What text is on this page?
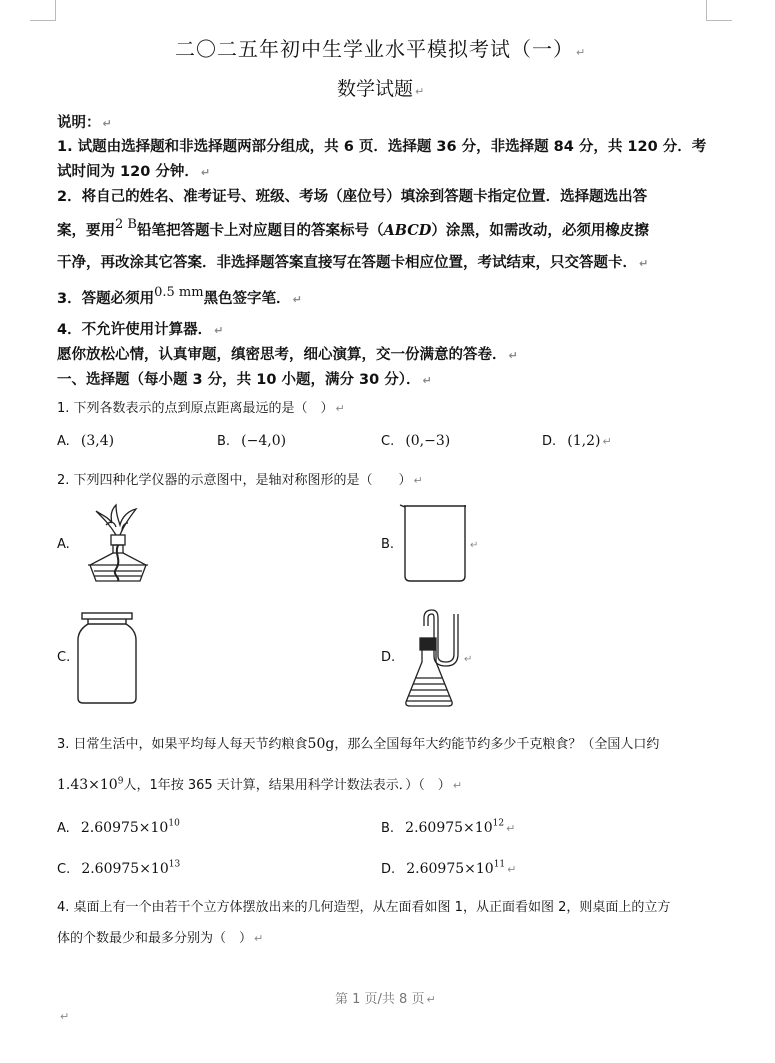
二〇二五年初中生学业水平模拟考试（一） ↵
数学试题 ↵
说明： ↵
1. 试题由选择题和非选择题两部分组成，共 6 页．选择题 36 分，非选择题 84 分，共 120 分．考
试时间为 120 分钟． ↵
2．将自己的姓名、准考证号、班级、考场（座位号）填涂到答题卡指定位置．选择题选出答
案，要用2 B铅笔把答题卡上对应题目的答案标号（ABCD）涂黑，如需改动，必须用橡皮擦
干净，再改涂其它答案．非选择题答案直接写在答题卡相应位置，考试结束，只交答题卡． ↵
3．答题必须用0.5 mm黑色签字笔． ↵
4．不允许使用计算器． ↵
愿你放松心情，认真审题，缜密思考，细心演算，交一份满意的答卷． ↵
一、选择题（每小题 3 分，共 10 小题，满分 30 分）． ↵
1. 下列各数表示的点到原点距离最远的是（　） ↵
A. (3,4)	B. (−4,0)	C. (0,−3)	D. (1,2) ↵
2. 下列四种化学仪器的示意图中，是轴对称图形的是（　　） ↵
A.	B.	↵
C.	D.	↵
3. 日常生活中，如果平均每人每天节约粮食50g，那么全国每年大约能节约多少千克粮食？（全国人口约
$1.43\times 10^9$人，1年按 365 天计算，结果用科学计数法表示．）（　） ↵
A. $2.60975\times 10^{10}$	B. $2.60975\times 10^{12}$ ↵
C. $2.60975\times 10^{13}$	D. $2.60975\times 10^{11}$ ↵
4. 桌面上有一个由若干个立方体摆放出来的几何造型，从左面看如图 1，从正面看如图 2，则桌面上的立方
体的个数最少和最多分别为（　） ↵
第 1 页/共 8 页 ↵
↵
